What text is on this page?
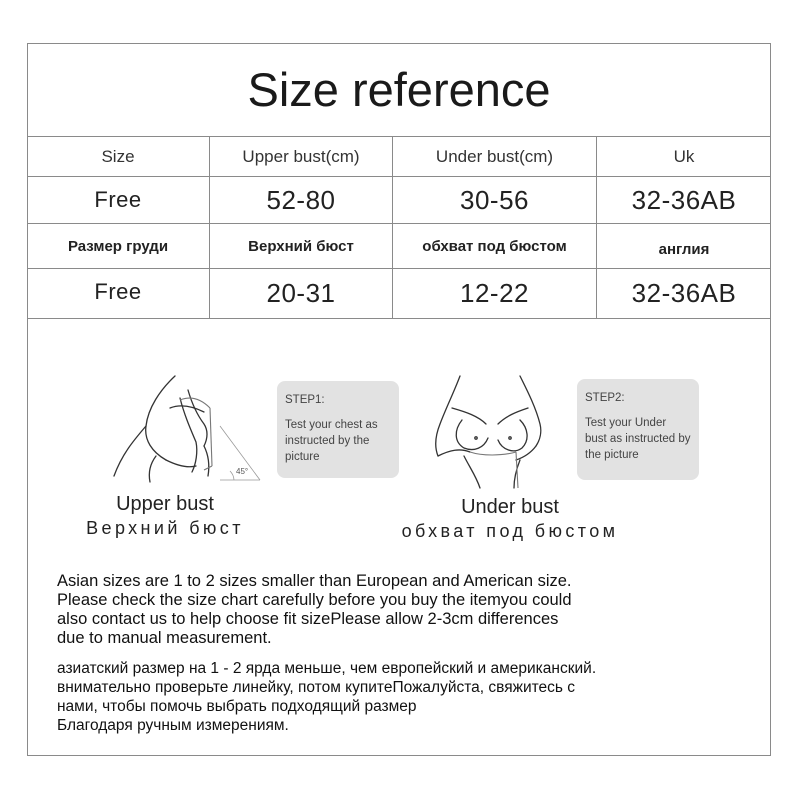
Size reference
Size	Upper bust(cm)	Under bust(cm)	Uk
Free	52-80	30-56	32-36AB
Размер груди	Верхний бюст	обхват под бюстом	англия
Free	20-31	12-22	32-36AB
45°
STEP1:
Test your chest as instructed by the picture
Upper bust
Верхний бюст
STEP2:
Test your Under bust as instructed by the picture
Under bust
обхват под бюстом
Asian sizes are 1 to 2 sizes smaller than European and American size.
Please check the size chart carefully before you buy the itemyou could
also contact us to help choose fit sizePlease allow 2-3cm differences
due to manual measurement.
азиатский размер на 1 - 2 ярда меньше, чем европейский и американский.
внимательно проверьте линейку, потом купитеПожалуйста, свяжитесь с
нами, чтобы помочь выбрать подходящий размер
Благодаря ручным измерениям.
